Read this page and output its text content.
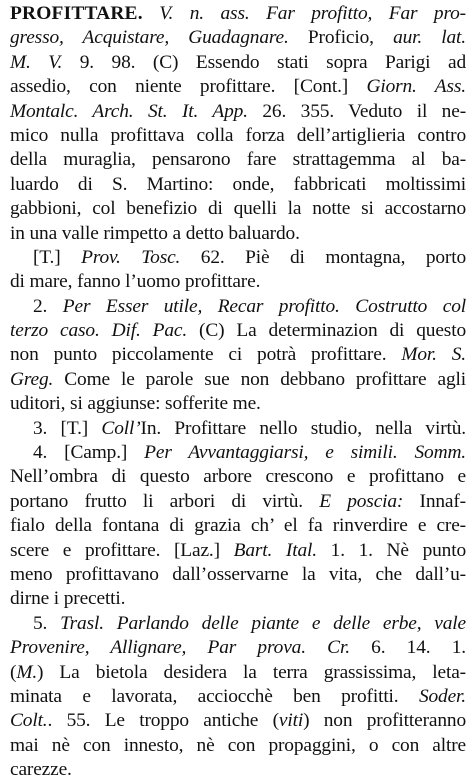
PROFITTARE. V. n. ass. Far profitto, Far pro-
gresso, Acquistare, Guadagnare. Proficio, aur. lat.
M. V. 9. 98. (C) Essendo stati sopra Parigi ad
assedio, con niente profittare. [Cont.] Giorn. Ass.
Montalc. Arch. St. It. App. 26. 355. Veduto il ne-
mico nulla profittava colla forza dell’artiglieria contro
della muraglia, pensarono fare strattagemma al ba-
luardo di S. Martino: onde, fabbricati moltissimi
gabbioni, col benefizio di quelli la notte si accostarno
in una valle rimpetto a detto baluardo.
[T.] Prov. Tosc. 62. Piè di montagna, porto
di mare, fanno l’uomo profittare.
2. Per Esser utile, Recar profitto. Costrutto col
terzo caso. Dif. Pac. (C) La determinazion di questo
non punto piccolamente ci potrà profittare. Mor. S.
Greg. Come le parole sue non debbano profittare agli
uditori, si aggiunse: sofferite me.
3. [T.] Coll’In. Profittare nello studio, nella virtù.
4. [Camp.] Per Avvantaggiarsi, e simili. Somm.
Nell’ombra di questo arbore crescono e profittano e
portano frutto li arbori di virtù. E poscia: Innaf-
fialo della fontana di grazia ch’ el fa rinverdire e cre-
scere e profittare. [Laz.] Bart. Ital. 1. 1. Nè punto
meno profittavano dall’osservarne la vita, che dall’u-
dirne i precetti.
5. Trasl. Parlando delle piante e delle erbe, vale
Provenire, Allignare, Par prova. Cr. 6. 14. 1.
(M.) La bietola desidera la terra grassissima, leta-
minata e lavorata, acciocchè ben profitti. Soder.
Colt.. 55. Le troppo antiche (viti) non profitteranno
mai nè con innesto, nè con propaggini, o con altre
carezze.
